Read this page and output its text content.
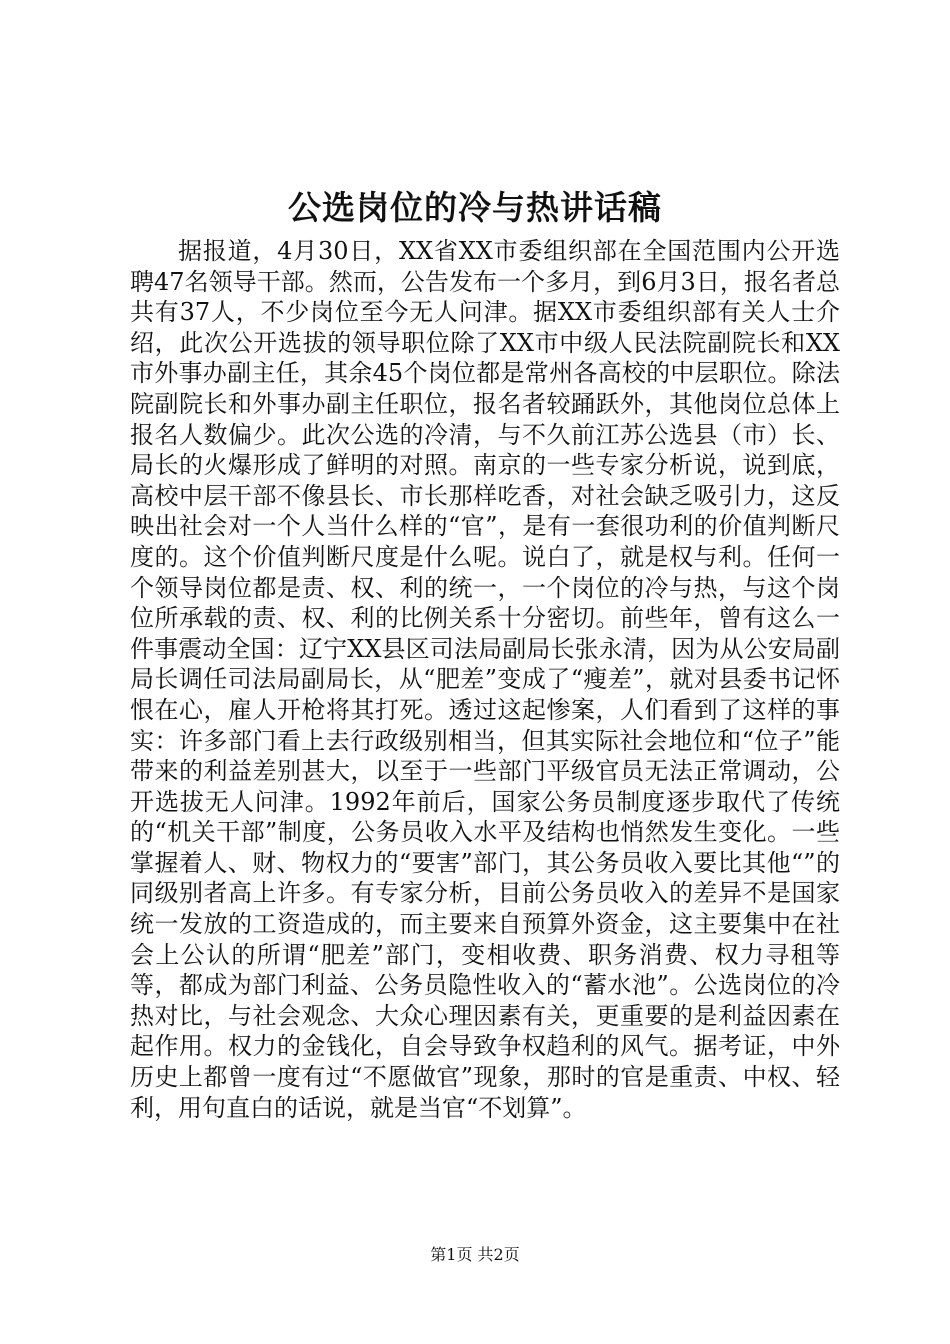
公选岗位的冷与热讲话稿

据报道，4月30日，XX省XX市委组织部在全国范围内公开选聘47名领导干部。然而，公告发布一个多月，到6月3日，报名者总共有37人，不少岗位至今无人问津。据XX市委组织部有关人士介绍，此次公开选拔的领导职位除了XX市中级人民法院副院长和XX市外事办副主任，其余45个岗位都是常州各高校的中层职位。除法院副院长和外事办副主任职位，报名者较踊跃外，其他岗位总体上报名人数偏少。此次公选的冷清，与不久前江苏公选县（市）长、局长的火爆形成了鲜明的对照。南京的一些专家分析说，说到底，高校中层干部不像县长、市长那样吃香，对社会缺乏吸引力，这反映出社会对一个人当什么样的“官”，是有一套很功利的价值判断尺度的。这个价值判断尺度是什么呢。说白了，就是权与利。任何一个领导岗位都是责、权、利的统一，一个岗位的冷与热，与这个岗位所承载的责、权、利的比例关系十分密切。前些年，曾有这么一件事震动全国：辽宁XX县区司法局副局长张永清，因为从公安局副局长调任司法局副局长，从“肥差”变成了“瘦差”，就对县委书记怀恨在心，雇人开枪将其打死。透过这起惨案，人们看到了这样的事实：许多部门看上去行政级别相当，但其实际社会地位和“位子”能带来的利益差别甚大，以至于一些部门平级官员无法正常调动，公开选拔无人问津。1992年前后，国家公务员制度逐步取代了传统的“机关干部”制度，公务员收入水平及结构也悄然发生变化。一些掌握着人、财、物权力的“要害”部门，其公务员收入要比其他“”的同级别者高上许多。有专家分析，目前公务员收入的差异不是国家统一发放的工资造成的，而主要来自预算外资金，这主要集中在社会上公认的所谓“肥差”部门，变相收费、职务消费、权力寻租等等，都成为部门利益、公务员隐性收入的“蓄水池”。公选岗位的冷热对比，与社会观念、大众心理因素有关，更重要的是利益因素在起作用。权力的金钱化，自会导致争权趋利的风气。据考证，中外历史上都曾一度有过“不愿做官”现象，那时的官是重责、中权、轻利，用句直白的话说，就是当官“不划算”。

第1页 共2页
